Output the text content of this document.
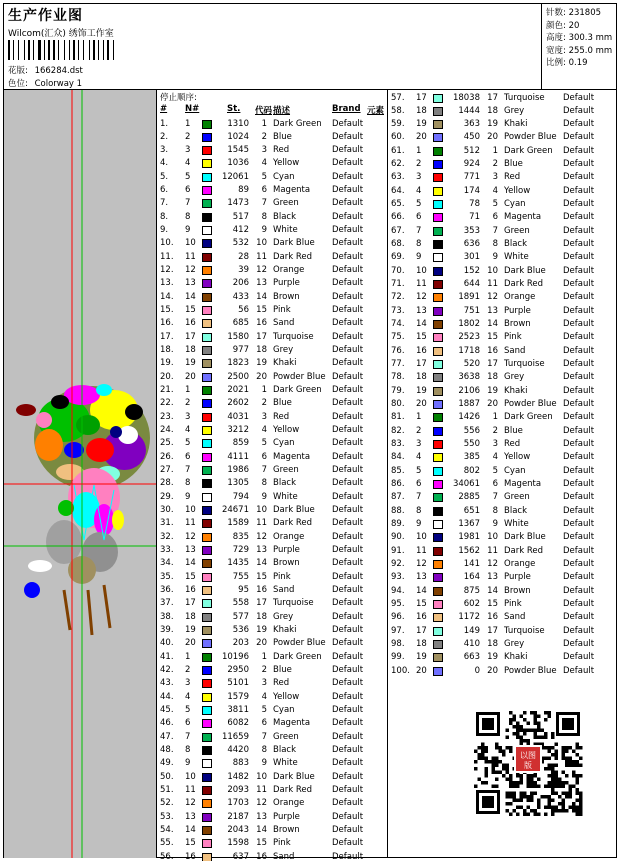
生产作业图
Wilcom(汇众) 绣饰工作室
花版: 166284.dst
色位: Colorway 1
针数: 231805
颜色: 20
高度: 300.3 mm
宽度: 255.0 mm
比例: 0.19
停止顺序:
# N#	St. 代码 描述	Brand 元素
1. 1	1310	1 Dark Green Default
2. 2	1024	2 Blue	Default
3. 3	1545	3 Red	Default
4. 4	1036	4 Yellow	Default
5. 5	12061	5 Cyan	Default
6. 6	89	6 Magenta	Default
7. 7	1473	7 Green	Default
8. 8	517	8 Black	Default
9. 9	412	9 White	Default
10. 10	532 10 Dark Blue Default
11. 11	28 11 Dark Red Default
12. 12	39 12 Orange	Default
13. 13	206 13 Purple	Default
14. 14	433 14 Brown	Default
15. 15	56 15 Pink	Default
16. 16	685 16 Sand	Default
17. 17	1580 17 Turquoise Default
18. 18	977 18 Grey	Default
19. 19	1823 19 Khaki	Default
20. 20	2500 20 Powder Blue Default
21. 1	2021	1 Dark Green Default
22. 2	2602	2 Blue	Default
23. 3	4031	3 Red	Default
24. 4	3212	4 Yellow	Default
25. 5	859	5 Cyan	Default
26. 6	4111	6 Magenta	Default
27. 7	1986	7 Green	Default
28. 8	1305	8 Black	Default
29. 9	794	9 White	Default
30. 10	24671 10 Dark Blue Default
31. 11	1589 11 Dark Red Default
32. 12	835 12 Orange	Default
33. 13	729 13 Purple	Default
34. 14	1435 14 Brown	Default
35. 15	755 15 Pink	Default
36. 16	95 16 Sand	Default
37. 17	558 17 Turquoise Default
38. 18	577 18 Grey	Default
39. 19	536 19 Khaki	Default
40. 20	203 20 Powder Blue Default
41. 1	10196	1 Dark Green Default
42. 2	2950	2 Blue	Default
43. 3	5101	3 Red	Default
44. 4	1579	4 Yellow	Default
45. 5	3811	5 Cyan	Default
46. 6	6082	6 Magenta	Default
47. 7	11659	7 Green	Default
48. 8	4420	8 Black	Default
49. 9	883	9 White	Default
50. 10	1482 10 Dark Blue Default
51. 11	2093 11 Dark Red Default
52. 12	1703 12 Orange	Default
53. 13	2187 13 Purple	Default
54. 14	2043 14 Brown	Default
55. 15	1598 15 Pink	Default
56. 16	637 16 Sand	Default
57. 17	18038 17 Turquoise Default
58. 18	1444 18 Grey	Default
59. 19	363 19 Khaki	Default
60. 20	450 20 Powder Blue Default
61. 1	512	1 Dark Green Default
62. 2	924	2 Blue	Default
63. 3	771	3 Red	Default
64. 4	174	4 Yellow	Default
65. 5	78	5 Cyan	Default
66. 6	71	6 Magenta	Default
67. 7	353	7 Green	Default
68. 8	636	8 Black	Default
69. 9	301	9 White	Default
70. 10	152 10 Dark Blue Default
71. 11	644 11 Dark Red Default
72. 12	1891 12 Orange	Default
73. 13	751 13 Purple	Default
74. 14	1802 14 Brown	Default
75. 15	2523 15 Pink	Default
76. 16	1718 16 Sand	Default
77. 17	520 17 Turquoise Default
78. 18	3638 18 Grey	Default
79. 19	2106 19 Khaki	Default
80. 20	1887 20 Powder Blue Default
81. 1	1426	1 Dark Green Default
82. 2	556	2 Blue	Default
83. 3	550	3 Red	Default
84. 4	385	4 Yellow	Default
85. 5	802	5 Cyan	Default
86. 6	34061	6 Magenta	Default
87. 7	2885	7 Green	Default
88. 8	651	8 Black	Default
89. 9	1367	9 White	Default
90. 10	1981 10 Dark Blue Default
91. 11	1562 11 Dark Red Default
92. 12	141 12 Orange	Default
93. 13	164 13 Purple	Default
94. 14	875 14 Brown	Default
95. 15	602 15 Pink	Default
96. 16	1172 16 Sand	Default
97. 17	149 17 Turquoise Default
98. 18	410 18 Grey	Default
99. 19	663 19 Khaki	Default
100. 20	0 20 Powder Blue Default
以图
版
